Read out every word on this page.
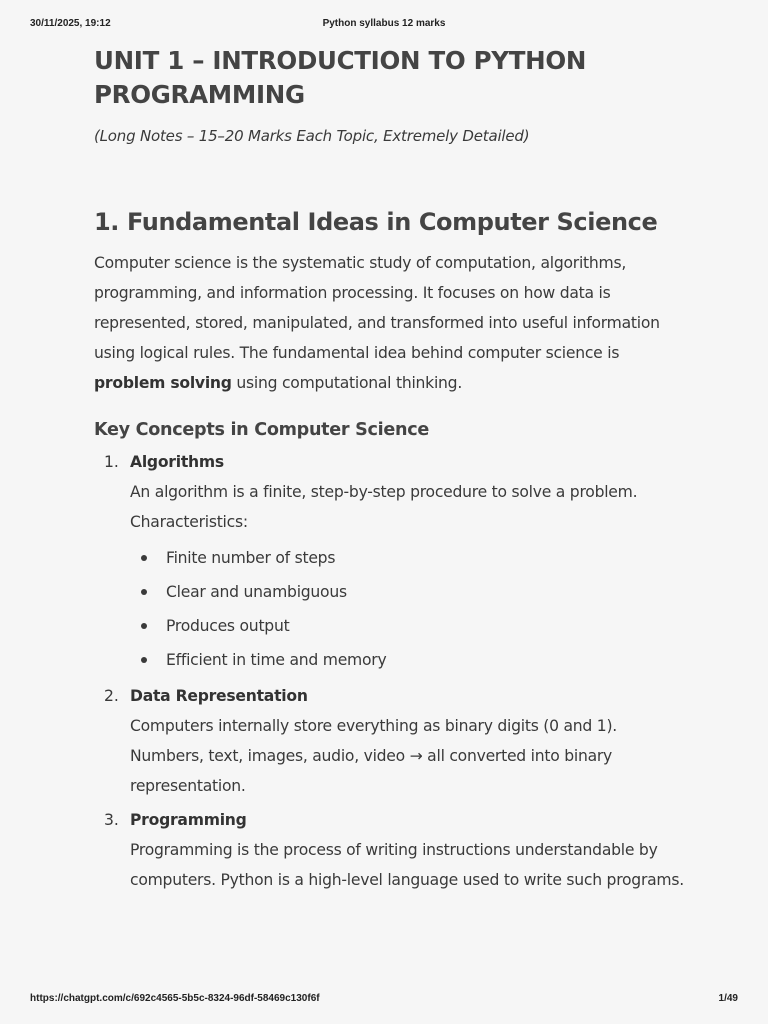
30/11/2025, 19:12	Python syllabus 12 marks
UNIT 1 – INTRODUCTION TO PYTHON
PROGRAMMING

(Long Notes – 15–20 Marks Each Topic, Extremely Detailed)

1. Fundamental Ideas in Computer Science

Computer science is the systematic study of computation, algorithms, programming, and information processing. It focuses on how data is represented, stored, manipulated, and transformed into useful information using logical rules. The fundamental idea behind computer science is problem solving using computational thinking.

Key Concepts in Computer Science
1. Algorithms
An algorithm is a finite, step-by-step procedure to solve a problem. Characteristics:
Finite number of steps
Clear and unambiguous
Produces output
Efficient in time and memory
2. Data Representation
Computers internally store everything as binary digits (0 and 1). Numbers, text, images, audio, video → all converted into binary representation.
3. Programming
Programming is the process of writing instructions understandable by computers. Python is a high-level language used to write such programs.
https://chatgpt.com/c/692c4565-5b5c-8324-96df-58469c130f6f	1/49
